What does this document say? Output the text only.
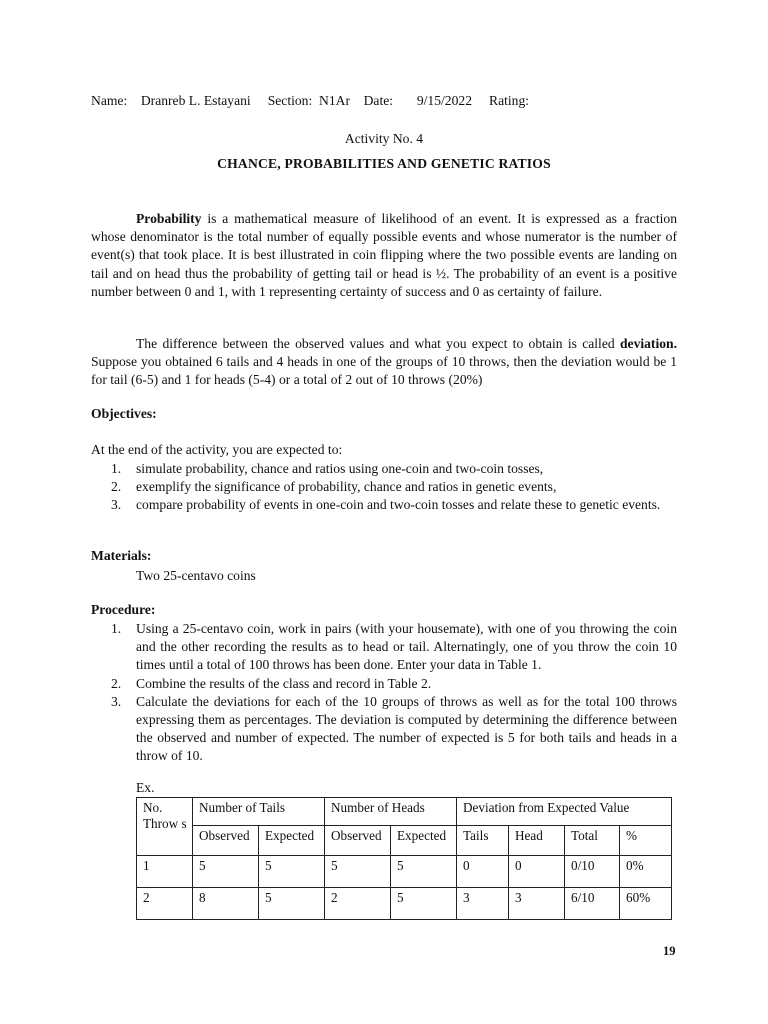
Name: Dranreb L. Estayani Section: N1Ar Date: 9/15/2022 Rating:
Activity No. 4
CHANCE, PROBABILITIES AND GENETIC RATIOS

Probability is a mathematical measure of likelihood of an event. It is expressed as a fraction whose denominator is the total number of equally possible events and whose numerator is the number of event(s) that took place. It is best illustrated in coin flipping where the two possible events are landing on tail and on head thus the probability of getting tail or head is ½. The probability of an event is a positive number between 0 and 1, with 1 representing certainty of success and 0 as certainty of failure.

The difference between the observed values and what you expect to obtain is called deviation. Suppose you obtained 6 tails and 4 heads in one of the groups of 10 throws, then the deviation would be 1 for tail (6-5) and 1 for heads (5-4) or a total of 2 out of 10 throws (20%)

Objectives:
At the end of the activity, you are expected to:
1. simulate probability, chance and ratios using one-coin and two-coin tosses,
2. exemplify the significance of probability, chance and ratios in genetic events,
3. compare probability of events in one-coin and two-coin tosses and relate these to genetic events.
Materials:
Two 25-centavo coins
Procedure:
1. Using a 25-centavo coin, work in pairs (with your housemate), with one of you throwing the coin and the other recording the results as to head or tail. Alternatingly, one of you throw the coin 10 times until a total of 100 throws has been done. Enter your data in Table 1.
2. Combine the results of the class and record in Table 2.
3. Calculate the deviations for each of the 10 groups of throws as well as for the total 100 throws expressing them as percentages. The deviation is computed by determining the difference between the observed and number of expected. The number of expected is 5 for both tails and heads in a throw of 10.
Ex.
No. Throw s	Number of Tails		Number of Heads		Deviation from Expected Value			
	Observed	Expected	Observed	Expected	Tails	Head	Total	%
1	5	5	5	5	0	0	0/10	0%
2	8	5	2	5	3	3	6/10	60%
19
